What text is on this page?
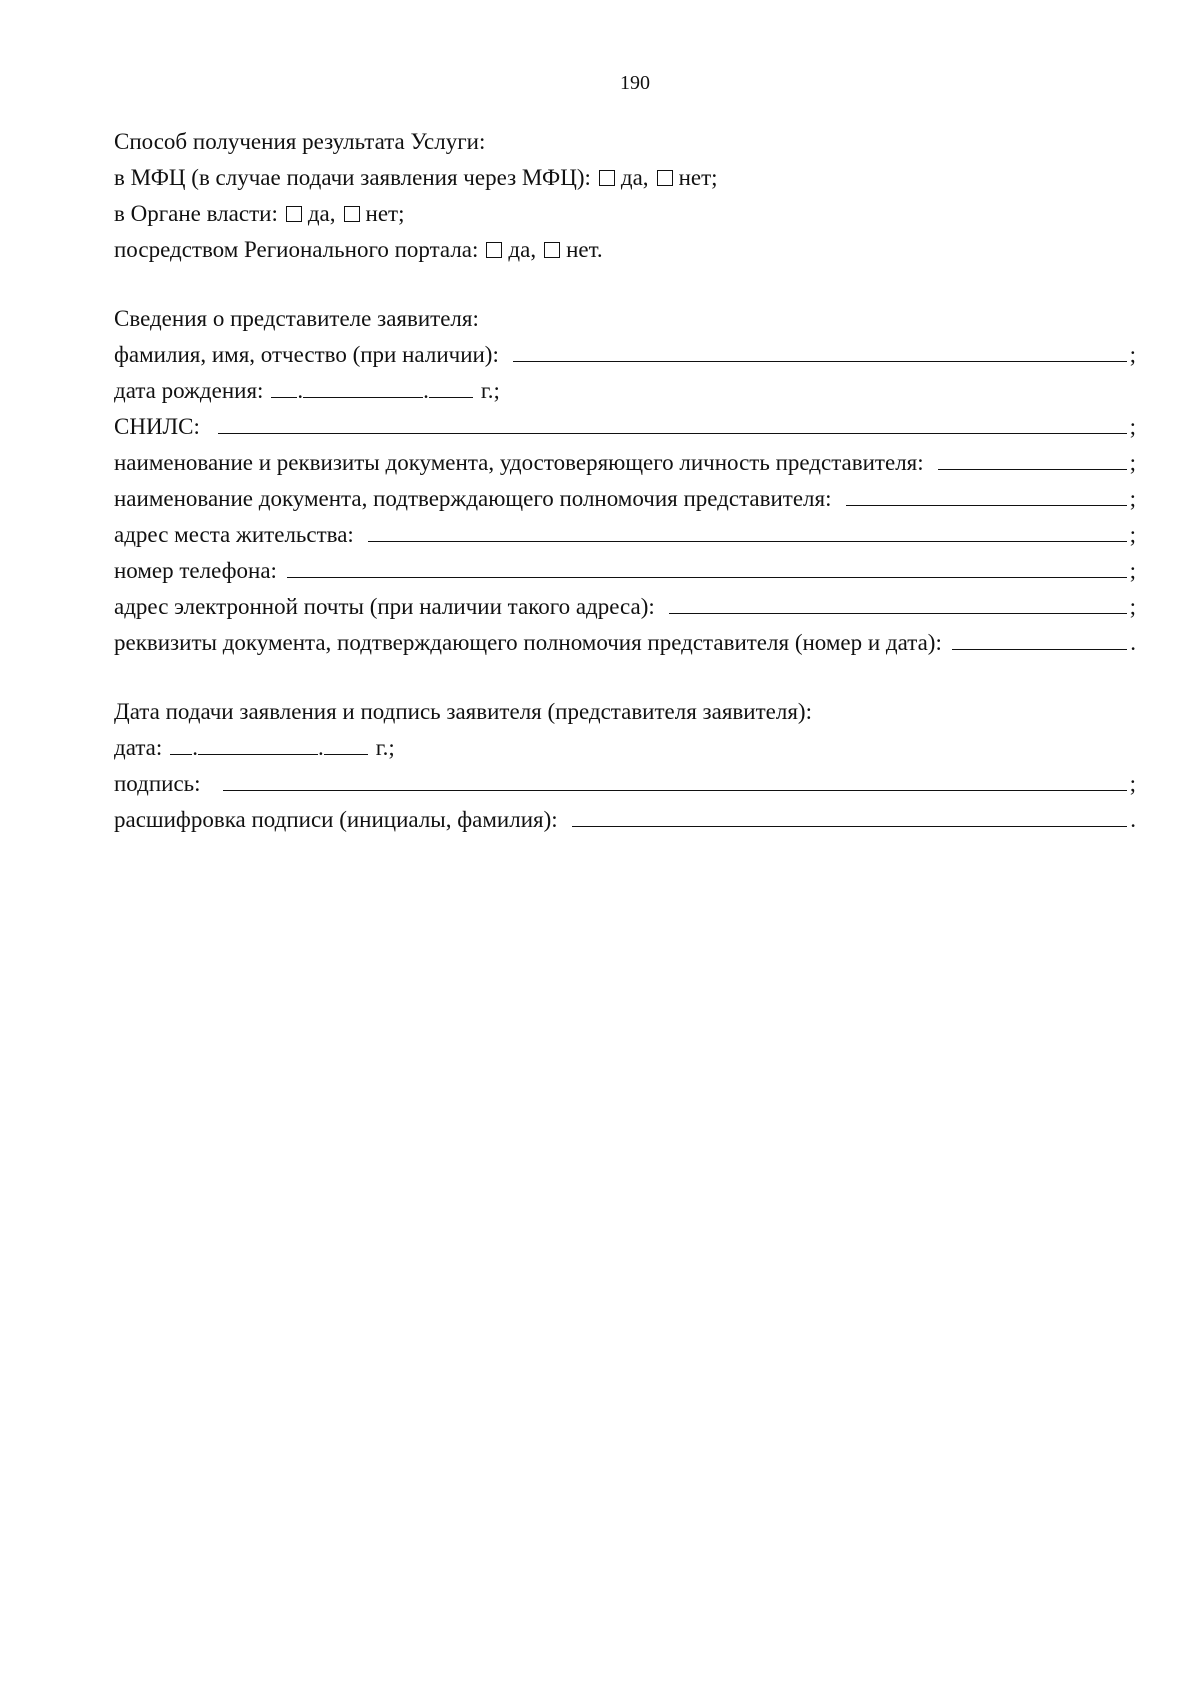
190
Способ получения результата Услуги:
в МФЦ (в случае подачи заявления через МФЦ): да, нет;
в Органе власти: да, нет;
посредством Регионального портала: да, нет.
Сведения о представителе заявителя:
фамилия, имя, отчество (при наличии):	;
дата рождения: .	. г.;
СНИЛС:	;
наименование и реквизиты документа, удостоверяющего личность представителя:	;
наименование документа, подтверждающего полномочия представителя:	;
адрес места жительства:	;
номер телефона:	;
адрес электронной почты (при наличии такого адреса):	;
реквизиты документа, подтверждающего полномочия представителя (номер и дата):	.
Дата подачи заявления и подпись заявителя (представителя заявителя):
дата: .	. г.;
подпись:	;
расшифровка подписи (инициалы, фамилия):	.
